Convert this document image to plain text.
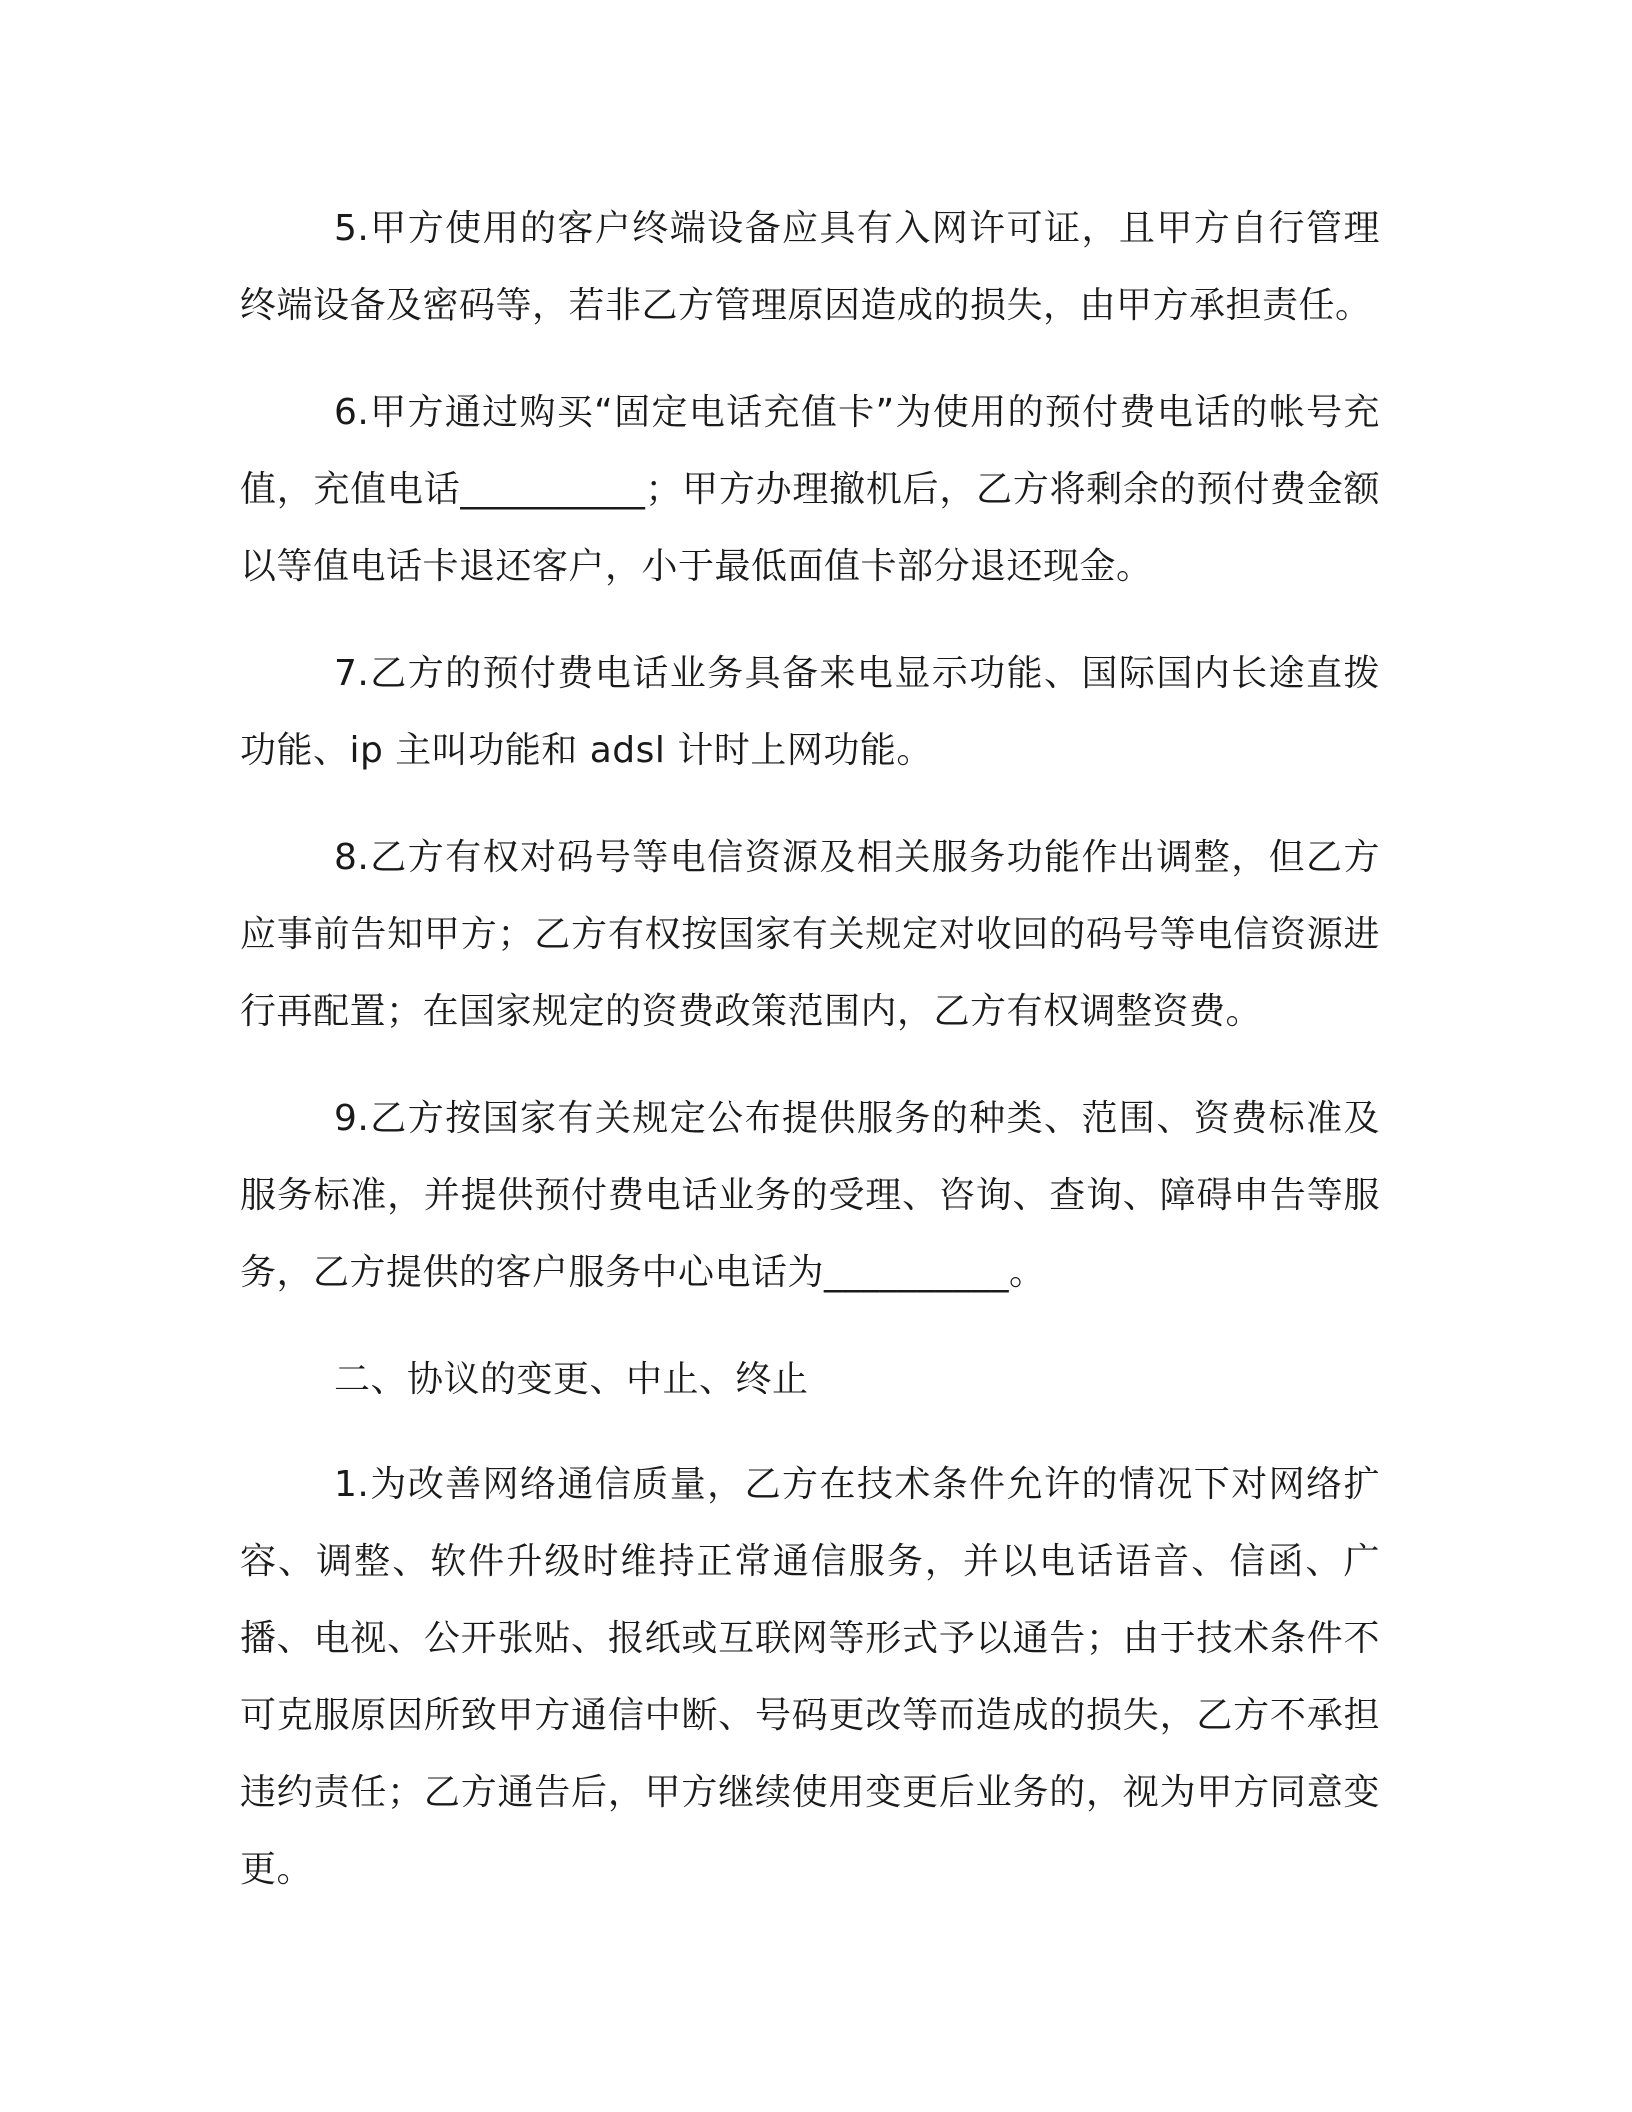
5.甲方使用的客户终端设备应具有入网许可证，且甲方自行管理终端设备及密码等，若非乙方管理原因造成的损失，由甲方承担责任。

6.甲方通过购买“固定电话充值卡”为使用的预付费电话的帐号充值，充值电话__________；甲方办理撤机后，乙方将剩余的预付费金额以等值电话卡退还客户，小于最低面值卡部分退还现金。

7.乙方的预付费电话业务具备来电显示功能、国际国内长途直拨功能、ip 主叫功能和 adsl 计时上网功能。

8.乙方有权对码号等电信资源及相关服务功能作出调整，但乙方应事前告知甲方；乙方有权按国家有关规定对收回的码号等电信资源进行再配置；在国家规定的资费政策范围内，乙方有权调整资费。

9.乙方按国家有关规定公布提供服务的种类、范围、资费标准及服务标准，并提供预付费电话业务的受理、咨询、查询、障碍申告等服务，乙方提供的客户服务中心电话为__________。

二、协议的变更、中止、终止

1.为改善网络通信质量，乙方在技术条件允许的情况下对网络扩容、调整、软件升级时维持正常通信服务，并以电话语音、信函、广播、电视、公开张贴、报纸或互联网等形式予以通告；由于技术条件不可克服原因所致甲方通信中断、号码更改等而造成的损失，乙方不承担违约责任；乙方通告后，甲方继续使用变更后业务的，视为甲方同意变更。
